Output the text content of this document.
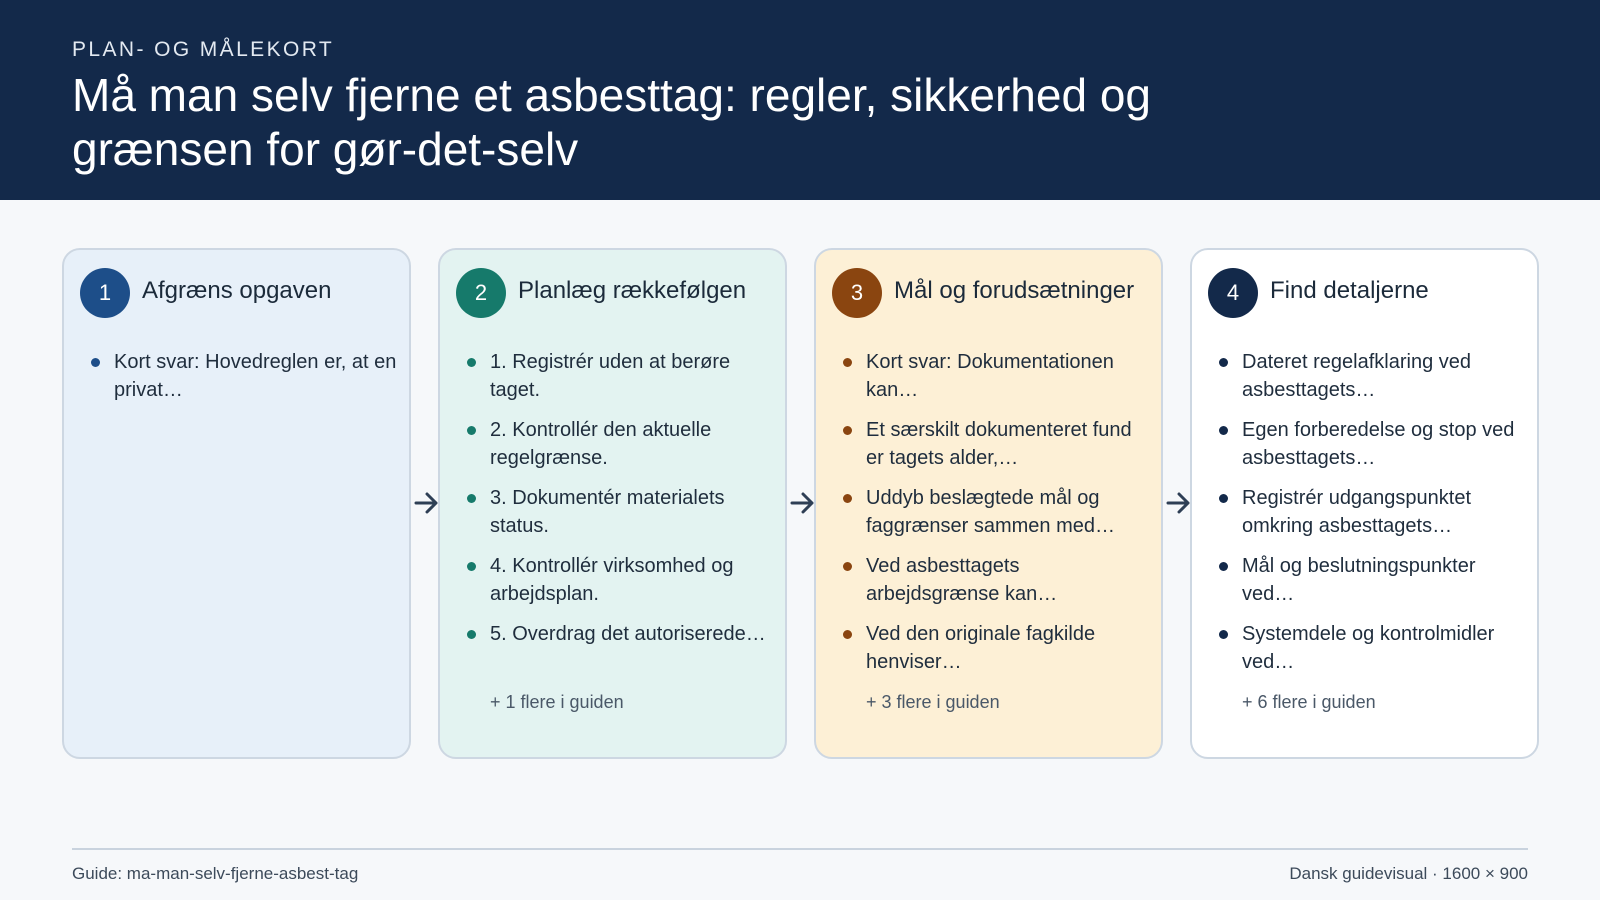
PLAN- OG MÅLEKORT
Må man selv fjerne et asbesttag: regler, sikkerhed og grænsen for gør-det-selv
1	Afgræns opgaven
Kort svar: Hovedreglen er, at en privat…
2	Planlæg rækkefølgen
1. Registrér uden at berøre taget.
2. Kontrollér den aktuelle regelgrænse.
3. Dokumentér materialets status.
4. Kontrollér virksomhed og arbejdsplan.
5. Overdrag det autoriserede…
+ 1 flere i guiden
3	Mål og forudsætninger
Kort svar: Dokumentationen kan…
Et særskilt dokumenteret fund er tagets alder,…
Uddyb beslægtede mål og faggrænser sammen med…
Ved asbesttagets arbejdsgrænse kan…
Ved den originale fagkilde henviser…
+ 3 flere i guiden
4	Find detaljerne
Dateret regelafklaring ved asbesttagets…
Egen forberedelse og stop ved asbesttagets…
Registrér udgangspunktet omkring asbesttagets…
Mål og beslutningspunkter ved…
Systemdele og kontrolmidler ved…
+ 6 flere i guiden
Guide: ma-man-selv-fjerne-asbest-tag	Dansk guidevisual · 1600 × 900
